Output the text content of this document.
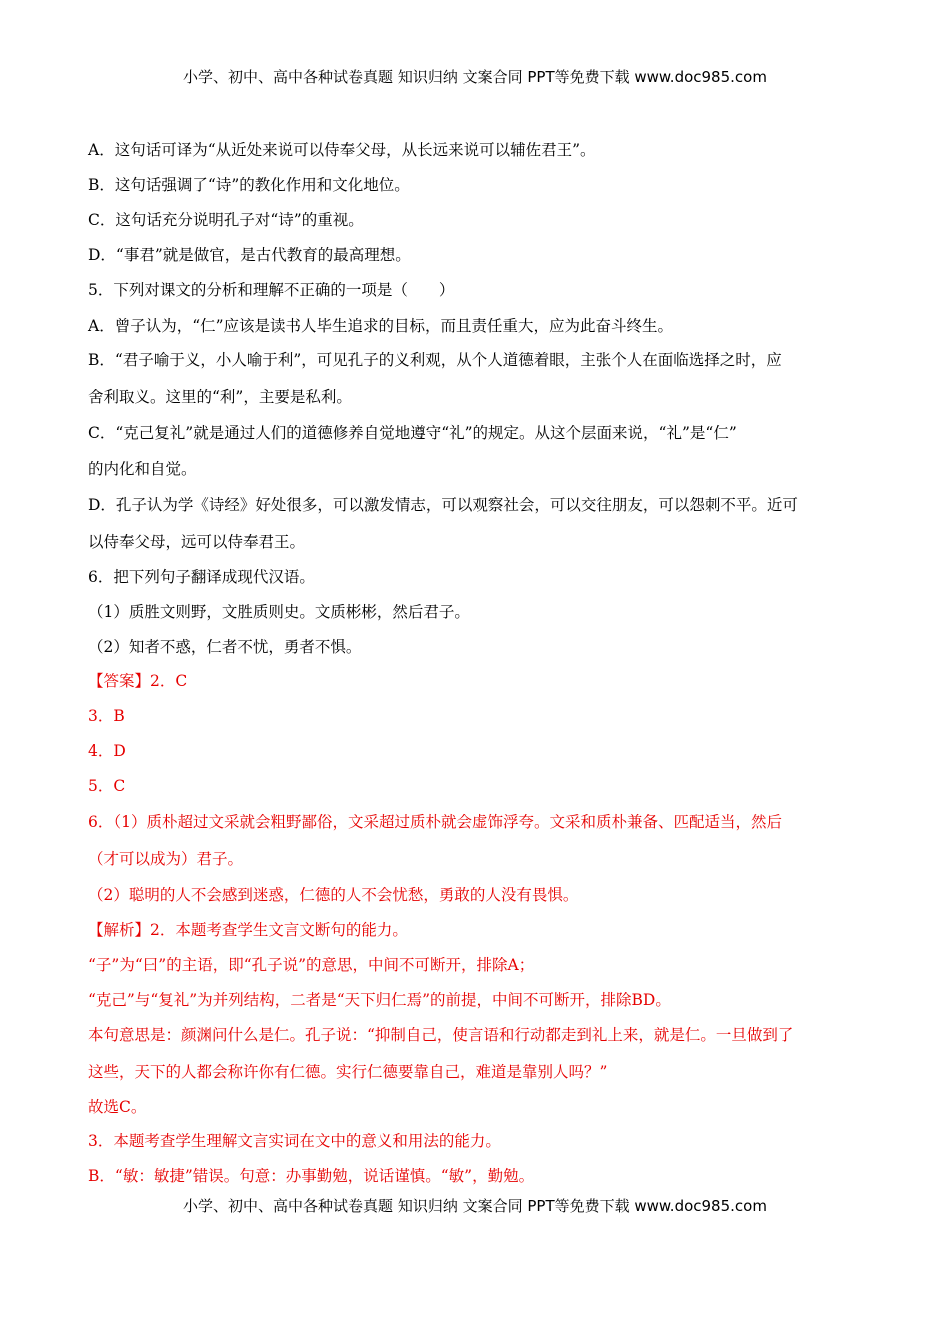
小学、初中、高中各种试卷真题 知识归纳 文案合同 PPT等免费下载 www.doc985.com
A．这句话可译为“从近处来说可以侍奉父母，从长远来说可以辅佐君王”。
B．这句话强调了“诗”的教化作用和文化地位。
C．这句话充分说明孔子对“诗”的重视。
D．“事君”就是做官，是古代教育的最高理想。
5．下列对课文的分析和理解不正确的一项是（　　）
A．曾子认为，“仁”应该是读书人毕生追求的目标，而且责任重大，应为此奋斗终生。
B．“君子喻于义，小人喻于利”，可见孔子的义利观，从个人道德着眼，主张个人在面临选择之时，应
舍利取义。这里的“利”，主要是私利。
C．“克己复礼”就是通过人们的道德修养自觉地遵守“礼”的规定。从这个层面来说，“礼”是“仁”
的内化和自觉。
D．孔子认为学《诗经》好处很多，可以激发情志，可以观察社会，可以交往朋友，可以怨刺不平。近可
以侍奉父母，远可以侍奉君王。
6．把下列句子翻译成现代汉语。
（1）质胜文则野，文胜质则史。文质彬彬，然后君子。
（2）知者不惑，仁者不忧，勇者不惧。
【答案】2．C
3．B
4．D
5．C
6．（1）质朴超过文采就会粗野鄙俗，文采超过质朴就会虚饰浮夸。文采和质朴兼备、匹配适当，然后
（才可以成为）君子。
（2）聪明的人不会感到迷惑，仁德的人不会忧愁，勇敢的人没有畏惧。
【解析】2．本题考查学生文言文断句的能力。
“子”为“曰”的主语，即“孔子说”的意思，中间不可断开，排除A；
“克己”与“复礼”为并列结构，二者是“天下归仁焉”的前提，中间不可断开，排除BD。
本句意思是：颜渊问什么是仁。孔子说：“抑制自己，使言语和行动都走到礼上来，就是仁。一旦做到了
这些，天下的人都会称许你有仁德。实行仁德要靠自己，难道是靠别人吗？”
故选C。
3．本题考查学生理解文言实词在文中的意义和用法的能力。
B．“敏：敏捷”错误。句意：办事勤勉，说话谨慎。“敏”，勤勉。
小学、初中、高中各种试卷真题 知识归纳 文案合同 PPT等免费下载 www.doc985.com
